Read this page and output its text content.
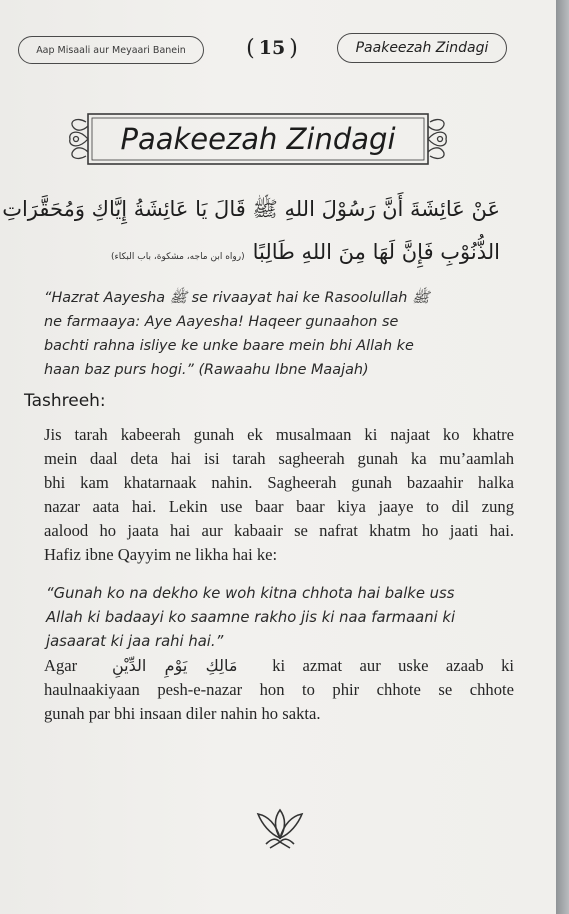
Aap Misaali aur Meyaari Banein	( 15 )	Paakeezah Zindagi
Paakeezah Zindagi
عَنْ عَائِشَةَ أَنَّ رَسُوْلَ اللهِ ﷺ قَالَ يَا عَائِشَةُ إِيَّاكِ وَمُحَقَّرَاتِ
الذُّنُوْبِ فَإِنَّ لَهَا مِنَ اللهِ طَالِبًا(رواه ابن ماجه، مشكوة، باب البكاء)
“Hazrat Aayesha ﷺ se rivaayat hai ke Rasoolullah ﷺ
ne farmaaya: Aye Aayesha! Haqeer gunaahon se
bachti rahna isliye ke unke baare mein bhi Allah ke
haan baz purs hogi.” (Rawaahu Ibne Maajah)
Tashreeh:
Jis tarah kabeerah gunah ek musalmaan ki najaat ko khatre
mein daal deta hai isi tarah sagheerah gunah ka mu’aamlah
bhi kam khatarnaak nahin. Sagheerah gunah bazaahir halka
nazar aata hai. Lekin use baar baar kiya jaaye to dil zung
aalood ho jaata hai aur kabaair se nafrat khatm ho jaati hai.
Hafiz ibne Qayyim ne likha hai ke:
“Gunah ko na dekho ke woh kitna chhota hai balke uss
Allah ki badaayi ko saamne rakho jis ki naa farmaani ki
jasaarat ki jaa rahi hai.”
Agar مَالِكِ يَوْمِ الدِّيْنِ ki azmat aur uske azaab ki
haulnaakiyaan pesh-e-nazar hon to phir chhote se chhote
gunah par bhi insaan diler nahin ho sakta.
